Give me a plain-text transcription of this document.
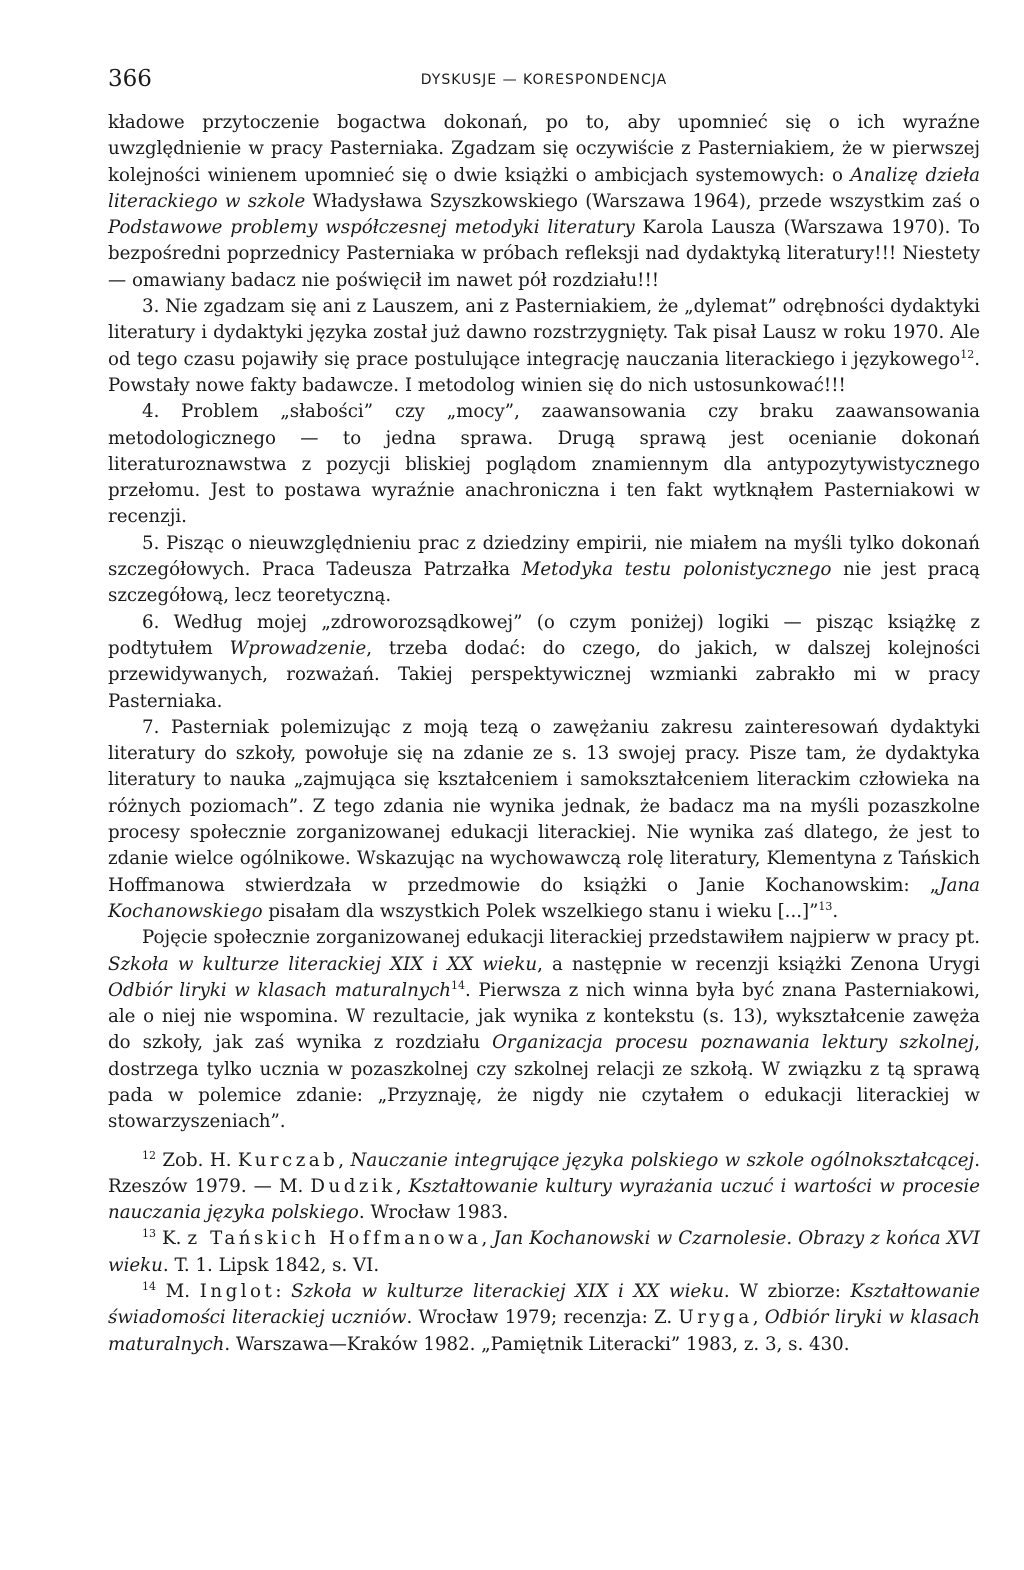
366	DYSKUSJE — KORESPONDENCJA

kładowe przytoczenie bogactwa dokonań, po to, aby upomnieć się o ich wyraźne uwzględnienie w pracy Pasterniaka. Zgadzam się oczywiście z Pasterniakiem, że w pierwszej kolejności winienem upomnieć się o dwie książki o ambicjach systemowych: o Analizę dzieła literackiego w szkole Władysława Szyszkowskiego (Warszawa 1964), przede wszystkim zaś o Podstawowe problemy współczesnej metodyki literatury Karola Lausza (Warszawa 1970). To bezpośredni poprzednicy Pasterniaka w próbach refleksji nad dydaktyką literatury!!! Niestety — omawiany badacz nie poświęcił im nawet pół rozdziału!!!

3. Nie zgadzam się ani z Lauszem, ani z Pasterniakiem, że „dylemat” odrębności dydaktyki literatury i dydaktyki języka został już dawno rozstrzygnięty. Tak pisał Lausz w roku 1970. Ale od tego czasu pojawiły się prace postulujące integrację nauczania literackiego i językowego$^{12}$. Powstały nowe fakty badawcze. I metodolog winien się do nich ustosunkować!!!

4. Problem „słabości” czy „mocy”, zaawansowania czy braku zaawansowania metodologicznego — to jedna sprawa. Drugą sprawą jest ocenianie dokonań literaturoznawstwa z pozycji bliskiej poglądom znamiennym dla antypozytywistycznego przełomu. Jest to postawa wyraźnie anachroniczna i ten fakt wytknąłem Pasterniakowi w recenzji.

5. Pisząc o nieuwzględnieniu prac z dziedziny empirii, nie miałem na myśli tylko dokonań szczegółowych. Praca Tadeusza Patrzałka Metodyka testu polonistycznego nie jest pracą szczegółową, lecz teoretyczną.

6. Według mojej „zdroworozsądkowej” (o czym poniżej) logiki — pisząc książkę z podtytułem Wprowadzenie, trzeba dodać: do czego, do jakich, w dalszej kolejności przewidywanych, rozważań. Takiej perspektywicznej wzmianki zabrakło mi w pracy Pasterniaka.

7. Pasterniak polemizując z moją tezą o zawężaniu zakresu zainteresowań dydaktyki literatury do szkoły, powołuje się na zdanie ze s. 13 swojej pracy. Pisze tam, że dydaktyka literatury to nauka „zajmująca się kształceniem i samokształceniem literackim człowieka na różnych poziomach”. Z tego zdania nie wynika jednak, że badacz ma na myśli pozaszkolne procesy społecznie zorganizowanej edukacji literackiej. Nie wynika zaś dlatego, że jest to zdanie wielce ogólnikowe. Wskazując na wychowawczą rolę literatury, Klementyna z Tańskich Hoffmanowa stwierdzała w przedmowie do książki o Janie Kochanowskim: „Jana Kochanowskiego pisałam dla wszystkich Polek wszelkiego stanu i wieku [...]”$^{13}$.

Pojęcie społecznie zorganizowanej edukacji literackiej przedstawiłem najpierw w pracy pt. Szkoła w kulturze literackiej XIX i XX wieku, a następnie w recenzji książki Zenona Urygi Odbiór liryki w klasach maturalnych$^{14}$. Pierwsza z nich winna była być znana Pasterniakowi, ale o niej nie wspomina. W rezultacie, jak wynika z kontekstu (s. 13), wykształcenie zawęża do szkoły, jak zaś wynika z rozdziału Organizacja procesu poznawania lektury szkolnej, dostrzega tylko ucznia w pozaszkolnej czy szkolnej relacji ze szkołą. W związku z tą sprawą pada w polemice zdanie: „Przyznaję, że nigdy nie czytałem o edukacji literackiej w stowarzyszeniach”.

$^{12}$ Zob. H. Kurczab, Nauczanie integrujące języka polskiego w szkole ogólnokształcącej. Rzeszów 1979. — M. Dudzik, Kształtowanie kultury wyrażania uczuć i wartości w procesie nauczania języka polskiego. Wrocław 1983.

$^{13}$ K. z Tańskich Hoffmanowa, Jan Kochanowski w Czarnolesie. Obrazy z końca XVI wieku. T. 1. Lipsk 1842, s. VI.

$^{14}$ M. Inglot: Szkoła w kulturze literackiej XIX i XX wieku. W zbiorze: Kształtowanie świadomości literackiej uczniów. Wrocław 1979; recenzja: Z. Uryga, Odbiór liryki w klasach maturalnych. Warszawa—Kraków 1982. „Pamiętnik Literacki” 1983, z. 3, s. 430.
